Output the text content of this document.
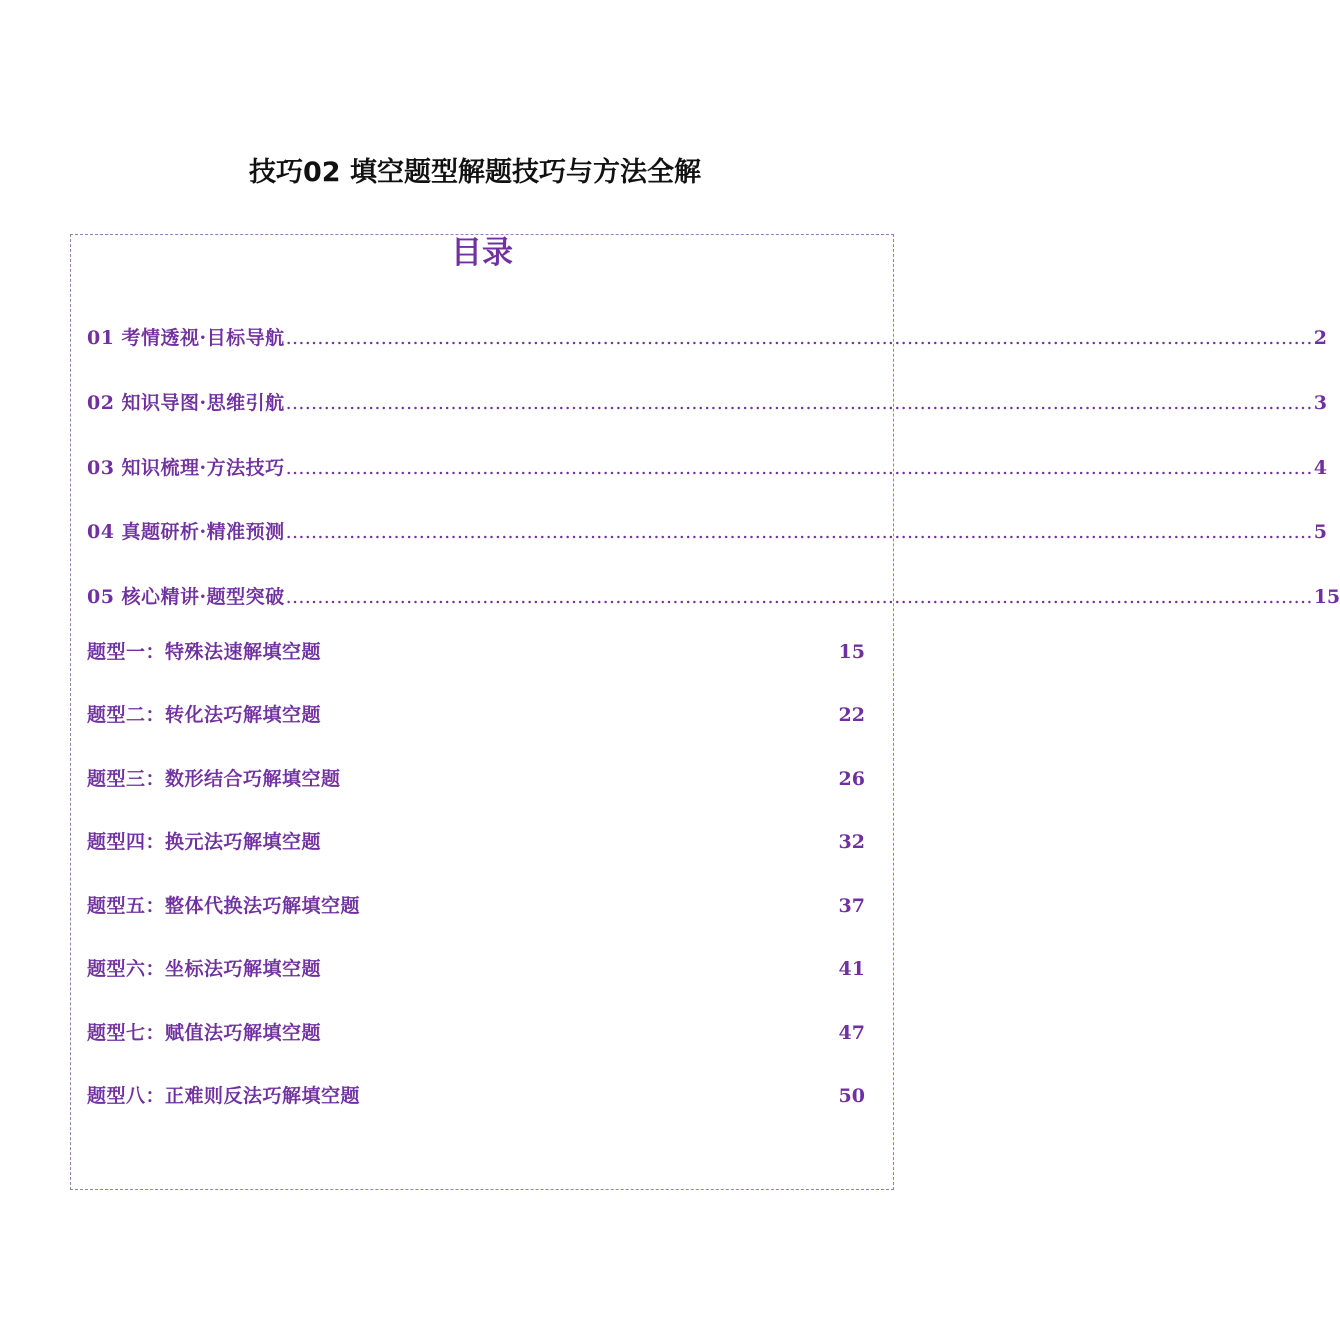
技巧02 填空题型解题技巧与方法全解
目录
01 考情透视·目标导航 .................................................................................................................................................................. 2
02 知识导图·思维引航 .................................................................................................................................................................. 3
03 知识梳理·方法技巧 .................................................................................................................................................................. 4
04 真题研析·精准预测 .................................................................................................................................................................. 5
05 核心精讲·题型突破 .................................................................................................................................................................. 15
题型一：特殊法速解填空题	15
题型二：转化法巧解填空题	22
题型三：数形结合巧解填空题	26
题型四：换元法巧解填空题	32
题型五：整体代换法巧解填空题	37
题型六：坐标法巧解填空题	41
题型七：赋值法巧解填空题	47
题型八：正难则反法巧解填空题	50
